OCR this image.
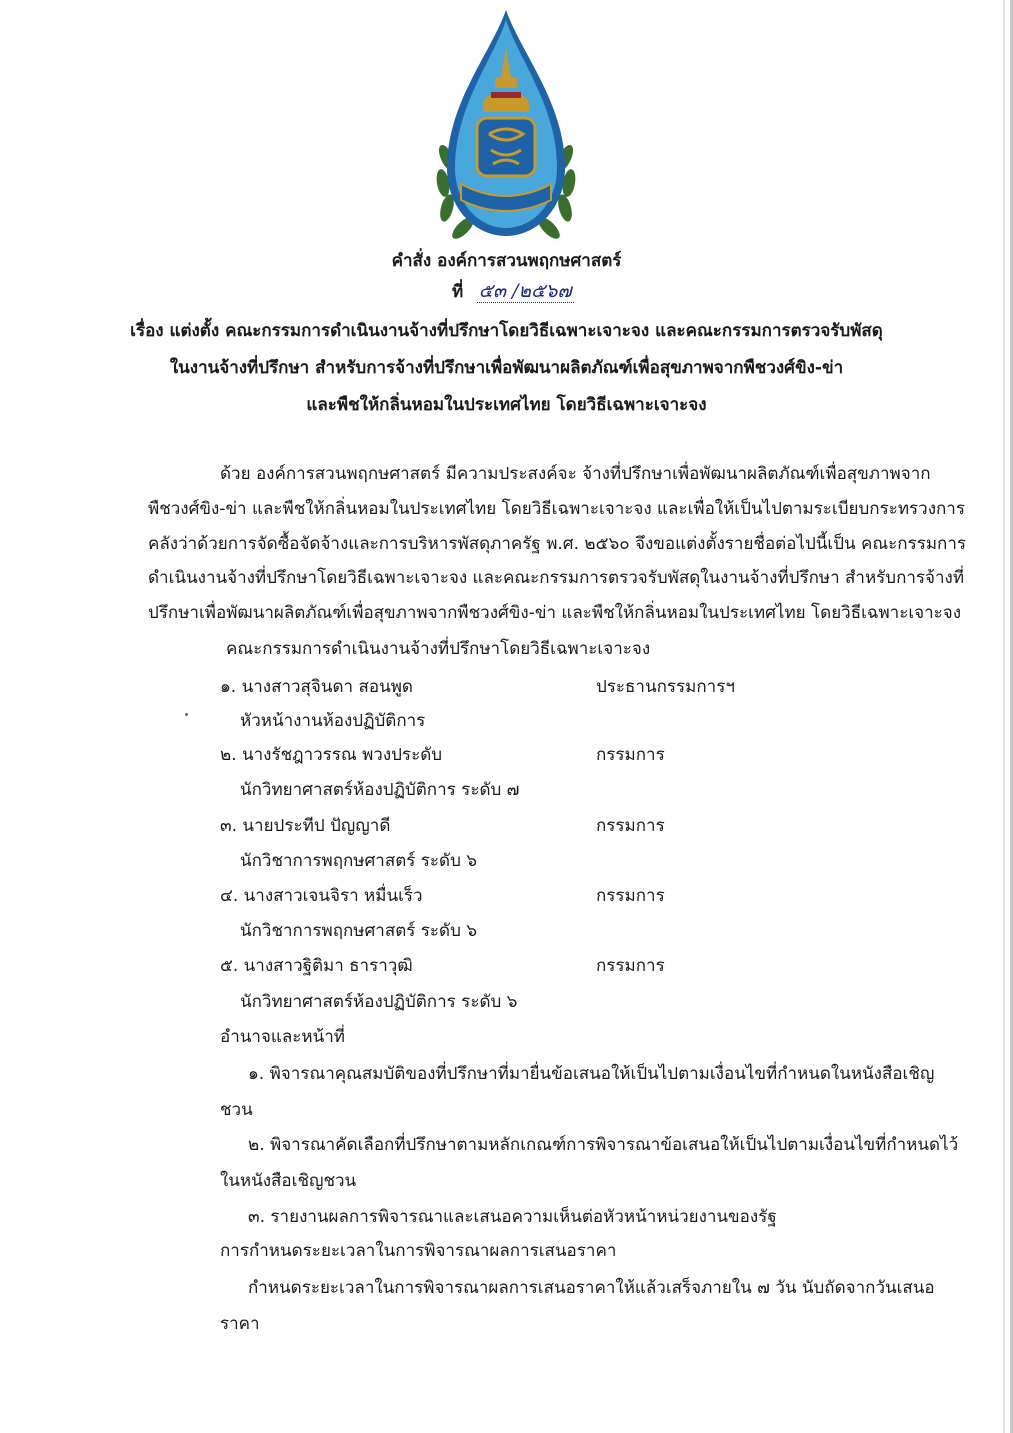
คำสั่ง องค์การสวนพฤกษศาสตร์
ที่ ๕๓ /๒๕๖๗
เรื่อง แต่งตั้ง คณะกรรมการดำเนินงานจ้างที่ปรึกษาโดยวิธีเฉพาะเจาะจง และคณะกรรมการตรวจรับพัสดุ
ในงานจ้างที่ปรึกษา สำหรับการจ้างที่ปรึกษาเพื่อพัฒนาผลิตภัณฑ์เพื่อสุขภาพจากพืชวงศ์ขิง-ข่า
และพืชให้กลิ่นหอมในประเทศไทย โดยวิธีเฉพาะเจาะจง
ด้วย องค์การสวนพฤกษศาสตร์ มีความประสงค์จะ จ้างที่ปรึกษาเพื่อพัฒนาผลิตภัณฑ์เพื่อสุขภาพจาก
พืชวงศ์ขิง-ข่า และพืชให้กลิ่นหอมในประเทศไทย โดยวิธีเฉพาะเจาะจง และเพื่อให้เป็นไปตามระเบียบกระทรวงการ
คลังว่าด้วยการจัดซื้อจัดจ้างและการบริหารพัสดุภาครัฐ พ.ศ. ๒๕๖๐ จึงขอแต่งตั้งรายชื่อต่อไปนี้เป็น คณะกรรมการ
ดำเนินงานจ้างที่ปรึกษาโดยวิธีเฉพาะเจาะจง และคณะกรรมการตรวจรับพัสดุในงานจ้างที่ปรึกษา สำหรับการจ้างที่
ปรึกษาเพื่อพัฒนาผลิตภัณฑ์เพื่อสุขภาพจากพืชวงศ์ขิง-ข่า และพืชให้กลิ่นหอมในประเทศไทย โดยวิธีเฉพาะเจาะจง
คณะกรรมการดำเนินงานจ้างที่ปรึกษาโดยวิธีเฉพาะเจาะจง
๑. นางสาวสุจินดา สอนพูด	ประธานกรรมการฯ
หัวหน้างานห้องปฏิบัติการ
๒. นางรัชฎาวรรณ พวงประดับ	กรรมการ
นักวิทยาศาสตร์ห้องปฏิบัติการ ระดับ ๗
๓. นายประทีป ปัญญาดี	กรรมการ
นักวิชาการพฤกษศาสตร์ ระดับ ๖
๔. นางสาวเจนจิรา หมื่นเร็ว	กรรมการ
นักวิชาการพฤกษศาสตร์ ระดับ ๖
๕. นางสาวฐิติมา ธาราวุฒิ	กรรมการ
นักวิทยาศาสตร์ห้องปฏิบัติการ ระดับ ๖
อำนาจและหน้าที่
๑. พิจารณาคุณสมบัติของที่ปรึกษาที่มายื่นข้อเสนอให้เป็นไปตามเงื่อนไขที่กำหนดในหนังสือเชิญ
ชวน
๒. พิจารณาคัดเลือกที่ปรึกษาตามหลักเกณฑ์การพิจารณาข้อเสนอให้เป็นไปตามเงื่อนไขที่กำหนดไว้
ในหนังสือเชิญชวน
๓. รายงานผลการพิจารณาและเสนอความเห็นต่อหัวหน้าหน่วยงานของรัฐ
การกำหนดระยะเวลาในการพิจารณาผลการเสนอราคา
กำหนดระยะเวลาในการพิจารณาผลการเสนอราคาให้แล้วเสร็จภายใน ๗ วัน นับถัดจากวันเสนอ
ราคา
